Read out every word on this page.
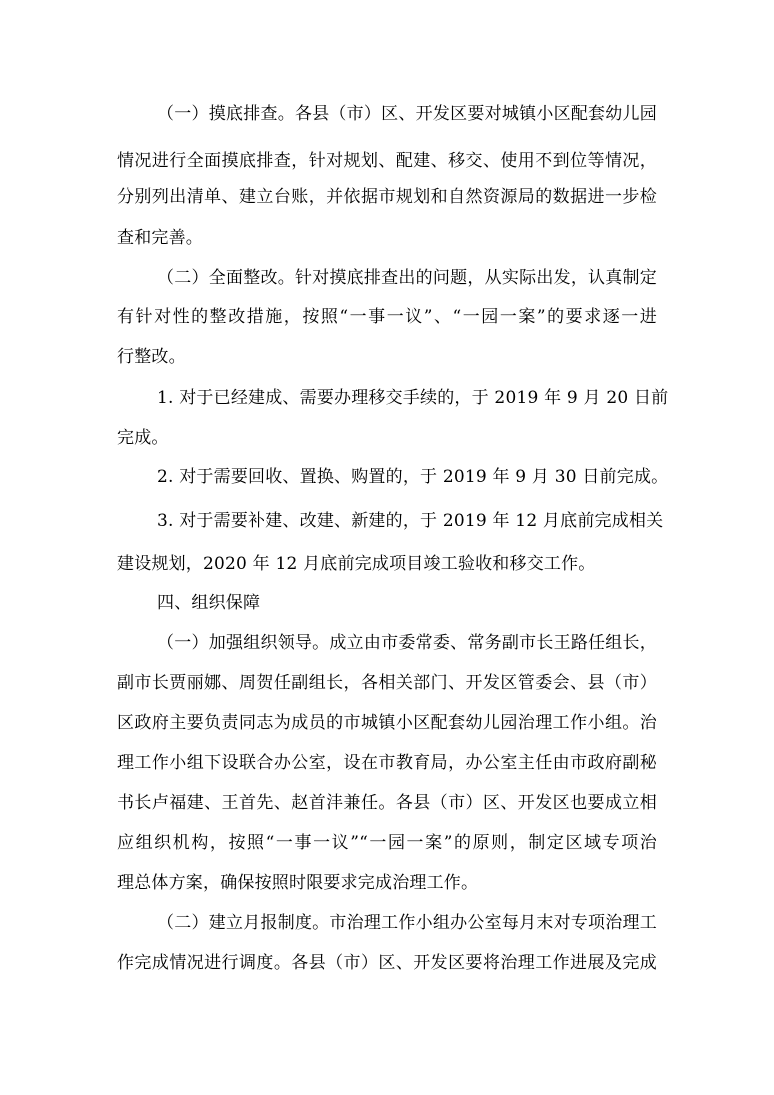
（一）摸底排查。各县（市）区、开发区要对城镇小区配套幼儿园
情况进行全面摸底排查，针对规划、配建、移交、使用不到位等情况，
分别列出清单、建立台账，并依据市规划和自然资源局的数据进一步检
查和完善。
（二）全面整改。针对摸底排查出的问题，从实际出发，认真制定
有针对性的整改措施，按照“一事一议”、“一园一案”的要求逐一进
行整改。
1. 对于已经建成、需要办理移交手续的，于 2019 年 9 月 20 日前
完成。
2. 对于需要回收、置换、购置的，于 2019 年 9 月 30 日前完成。
3. 对于需要补建、改建、新建的，于 2019 年 12 月底前完成相关
建设规划，2020 年 12 月底前完成项目竣工验收和移交工作。
四、组织保障
（一）加强组织领导。成立由市委常委、常务副市长王路任组长，
副市长贾丽娜、周贺任副组长，各相关部门、开发区管委会、县（市）
区政府主要负责同志为成员的市城镇小区配套幼儿园治理工作小组。治
理工作小组下设联合办公室，设在市教育局，办公室主任由市政府副秘
书长卢福建、王首先、赵首沣兼任。各县（市）区、开发区也要成立相
应组织机构，按照“一事一议”“一园一案”的原则，制定区域专项治
理总体方案，确保按照时限要求完成治理工作。
（二）建立月报制度。市治理工作小组办公室每月末对专项治理工
作完成情况进行调度。各县（市）区、开发区要将治理工作进展及完成
